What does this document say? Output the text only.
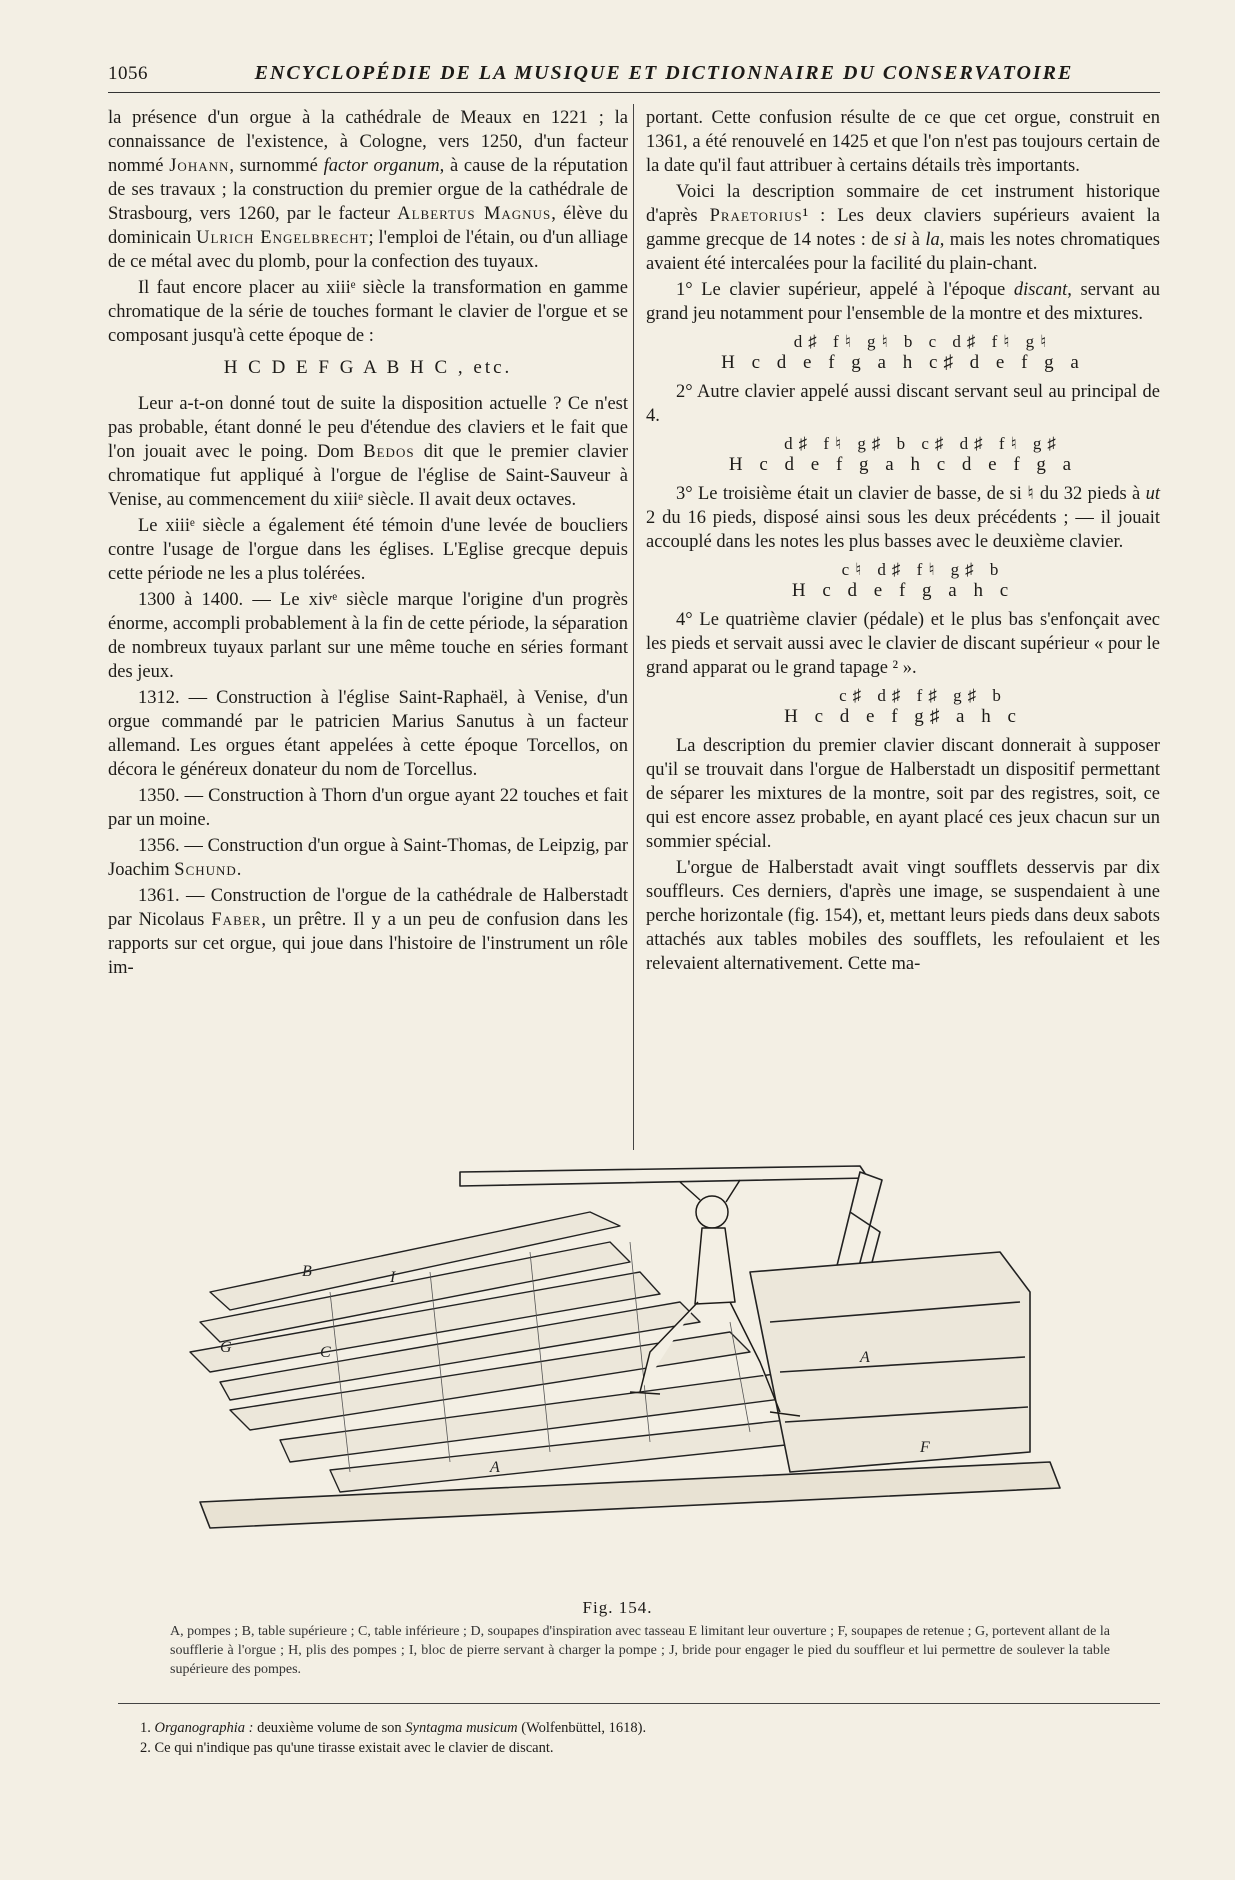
1056	ENCYCLOPÉDIE DE LA MUSIQUE ET DICTIONNAIRE DU CONSERVATOIRE

la présence d'un orgue à la cathédrale de Meaux en 1221 ; la connaissance de l'existence, à Cologne, vers 1250, d'un facteur nommé Johann, surnommé factor organum, à cause de la réputation de ses travaux ; la construction du premier orgue de la cathédrale de Strasbourg, vers 1260, par le facteur Albertus Magnus, élève du dominicain Ulrich Engelbrecht; l'emploi de l'étain, ou d'un alliage de ce métal avec du plomb, pour la confection des tuyaux.

Il faut encore placer au xiiiᵉ siècle la transformation en gamme chromatique de la série de touches formant le clavier de l'orgue et se composant jusqu'à cette époque de :

H C D E F G A B H C , etc.

Leur a-t-on donné tout de suite la disposition actuelle ? Ce n'est pas probable, étant donné le peu d'étendue des claviers et le fait que l'on jouait avec le poing. Dom Bedos dit que le premier clavier chromatique fut appliqué à l'orgue de l'église de Saint-Sauveur à Venise, au commencement du xiiiᵉ siècle. Il avait deux octaves.

Le xiiiᵉ siècle a également été témoin d'une levée de boucliers contre l'usage de l'orgue dans les églises. L'Eglise grecque depuis cette période ne les a plus tolérées.

1300 à 1400. — Le xivᵉ siècle marque l'origine d'un progrès énorme, accompli probablement à la fin de cette période, la séparation de nombreux tuyaux parlant sur une même touche en séries formant des jeux.

1312. — Construction à l'église Saint-Raphaël, à Venise, d'un orgue commandé par le patricien Marius Sanutus à un facteur allemand. Les orgues étant appelées à cette époque Torcellos, on décora le généreux donateur du nom de Torcellus.

1350. — Construction à Thorn d'un orgue ayant 22 touches et fait par un moine.

1356. — Construction d'un orgue à Saint-Thomas, de Leipzig, par Joachim Schund.

1361. — Construction de l'orgue de la cathédrale de Halberstadt par Nicolaus Faber, un prêtre. Il y a un peu de confusion dans les rapports sur cet orgue, qui joue dans l'histoire de l'instrument un rôle im-

portant. Cette confusion résulte de ce que cet orgue, construit en 1361, a été renouvelé en 1425 et que l'on n'est pas toujours certain de la date qu'il faut attribuer à certains détails très importants.

Voici la description sommaire de cet instrument historique d'après Praetorius¹ : Les deux claviers supérieurs avaient la gamme grecque de 14 notes : de si à la, mais les notes chromatiques avaient été intercalées pour la facilité du plain-chant.

1° Le clavier supérieur, appelé à l'époque discant, servant au grand jeu notamment pour l'ensemble de la montre et des mixtures.

d♯ f♮ g♮ b c d♯ f♮ g♮
H c d e f g a h c♯ d e f g a

2° Autre clavier appelé aussi discant servant seul au principal de 4.

d♯ f♮ g♯ b c♯ d♯ f♮ g♯
H c d e f g a h c d e f g a

3° Le troisième était un clavier de basse, de si ♮ du 32 pieds à ut 2 du 16 pieds, disposé ainsi sous les deux précédents ; — il jouait accouplé dans les notes les plus basses avec le deuxième clavier.

c♮ d♯ f♮ g♯ b
H c d e f g a h c

4° Le quatrième clavier (pédale) et le plus bas s'enfonçait avec les pieds et servait aussi avec le clavier de discant supérieur « pour le grand apparat ou le grand tapage ² ».

c♯ d♯ f♯ g♯ b
H c d e f g♯ a h c

La description du premier clavier discant donnerait à supposer qu'il se trouvait dans l'orgue de Halberstadt un dispositif permettant de séparer les mixtures de la montre, soit par des registres, soit, ce qui est encore assez probable, en ayant placé ces jeux chacun sur un sommier spécial.

L'orgue de Halberstadt avait vingt soufflets desservis par dix souffleurs. Ces derniers, d'après une image, se suspendaient à une perche horizontale (fig. 154), et, mettant leurs pieds dans deux sabots attachés aux tables mobiles des soufflets, les refoulaient et les relevaient alternativement. Cette ma-

B
G	C
I
A
A
F
Fig. 154.
A, pompes ; B, table supérieure ; C, table inférieure ; D, soupapes d'inspiration avec tasseau E limitant leur ouverture ; F, soupapes de retenue ; G, portevent allant de la soufflerie à l'orgue ; H, plis des pompes ; I, bloc de pierre servant à charger la pompe ; J, bride pour engager le pied du souffleur et lui permettre de soulever la table supérieure des pompes.

1. Organographia : deuxième volume de son Syntagma musicum (Wolfenbüttel, 1618).

2. Ce qui n'indique pas qu'une tirasse existait avec le clavier de discant.
